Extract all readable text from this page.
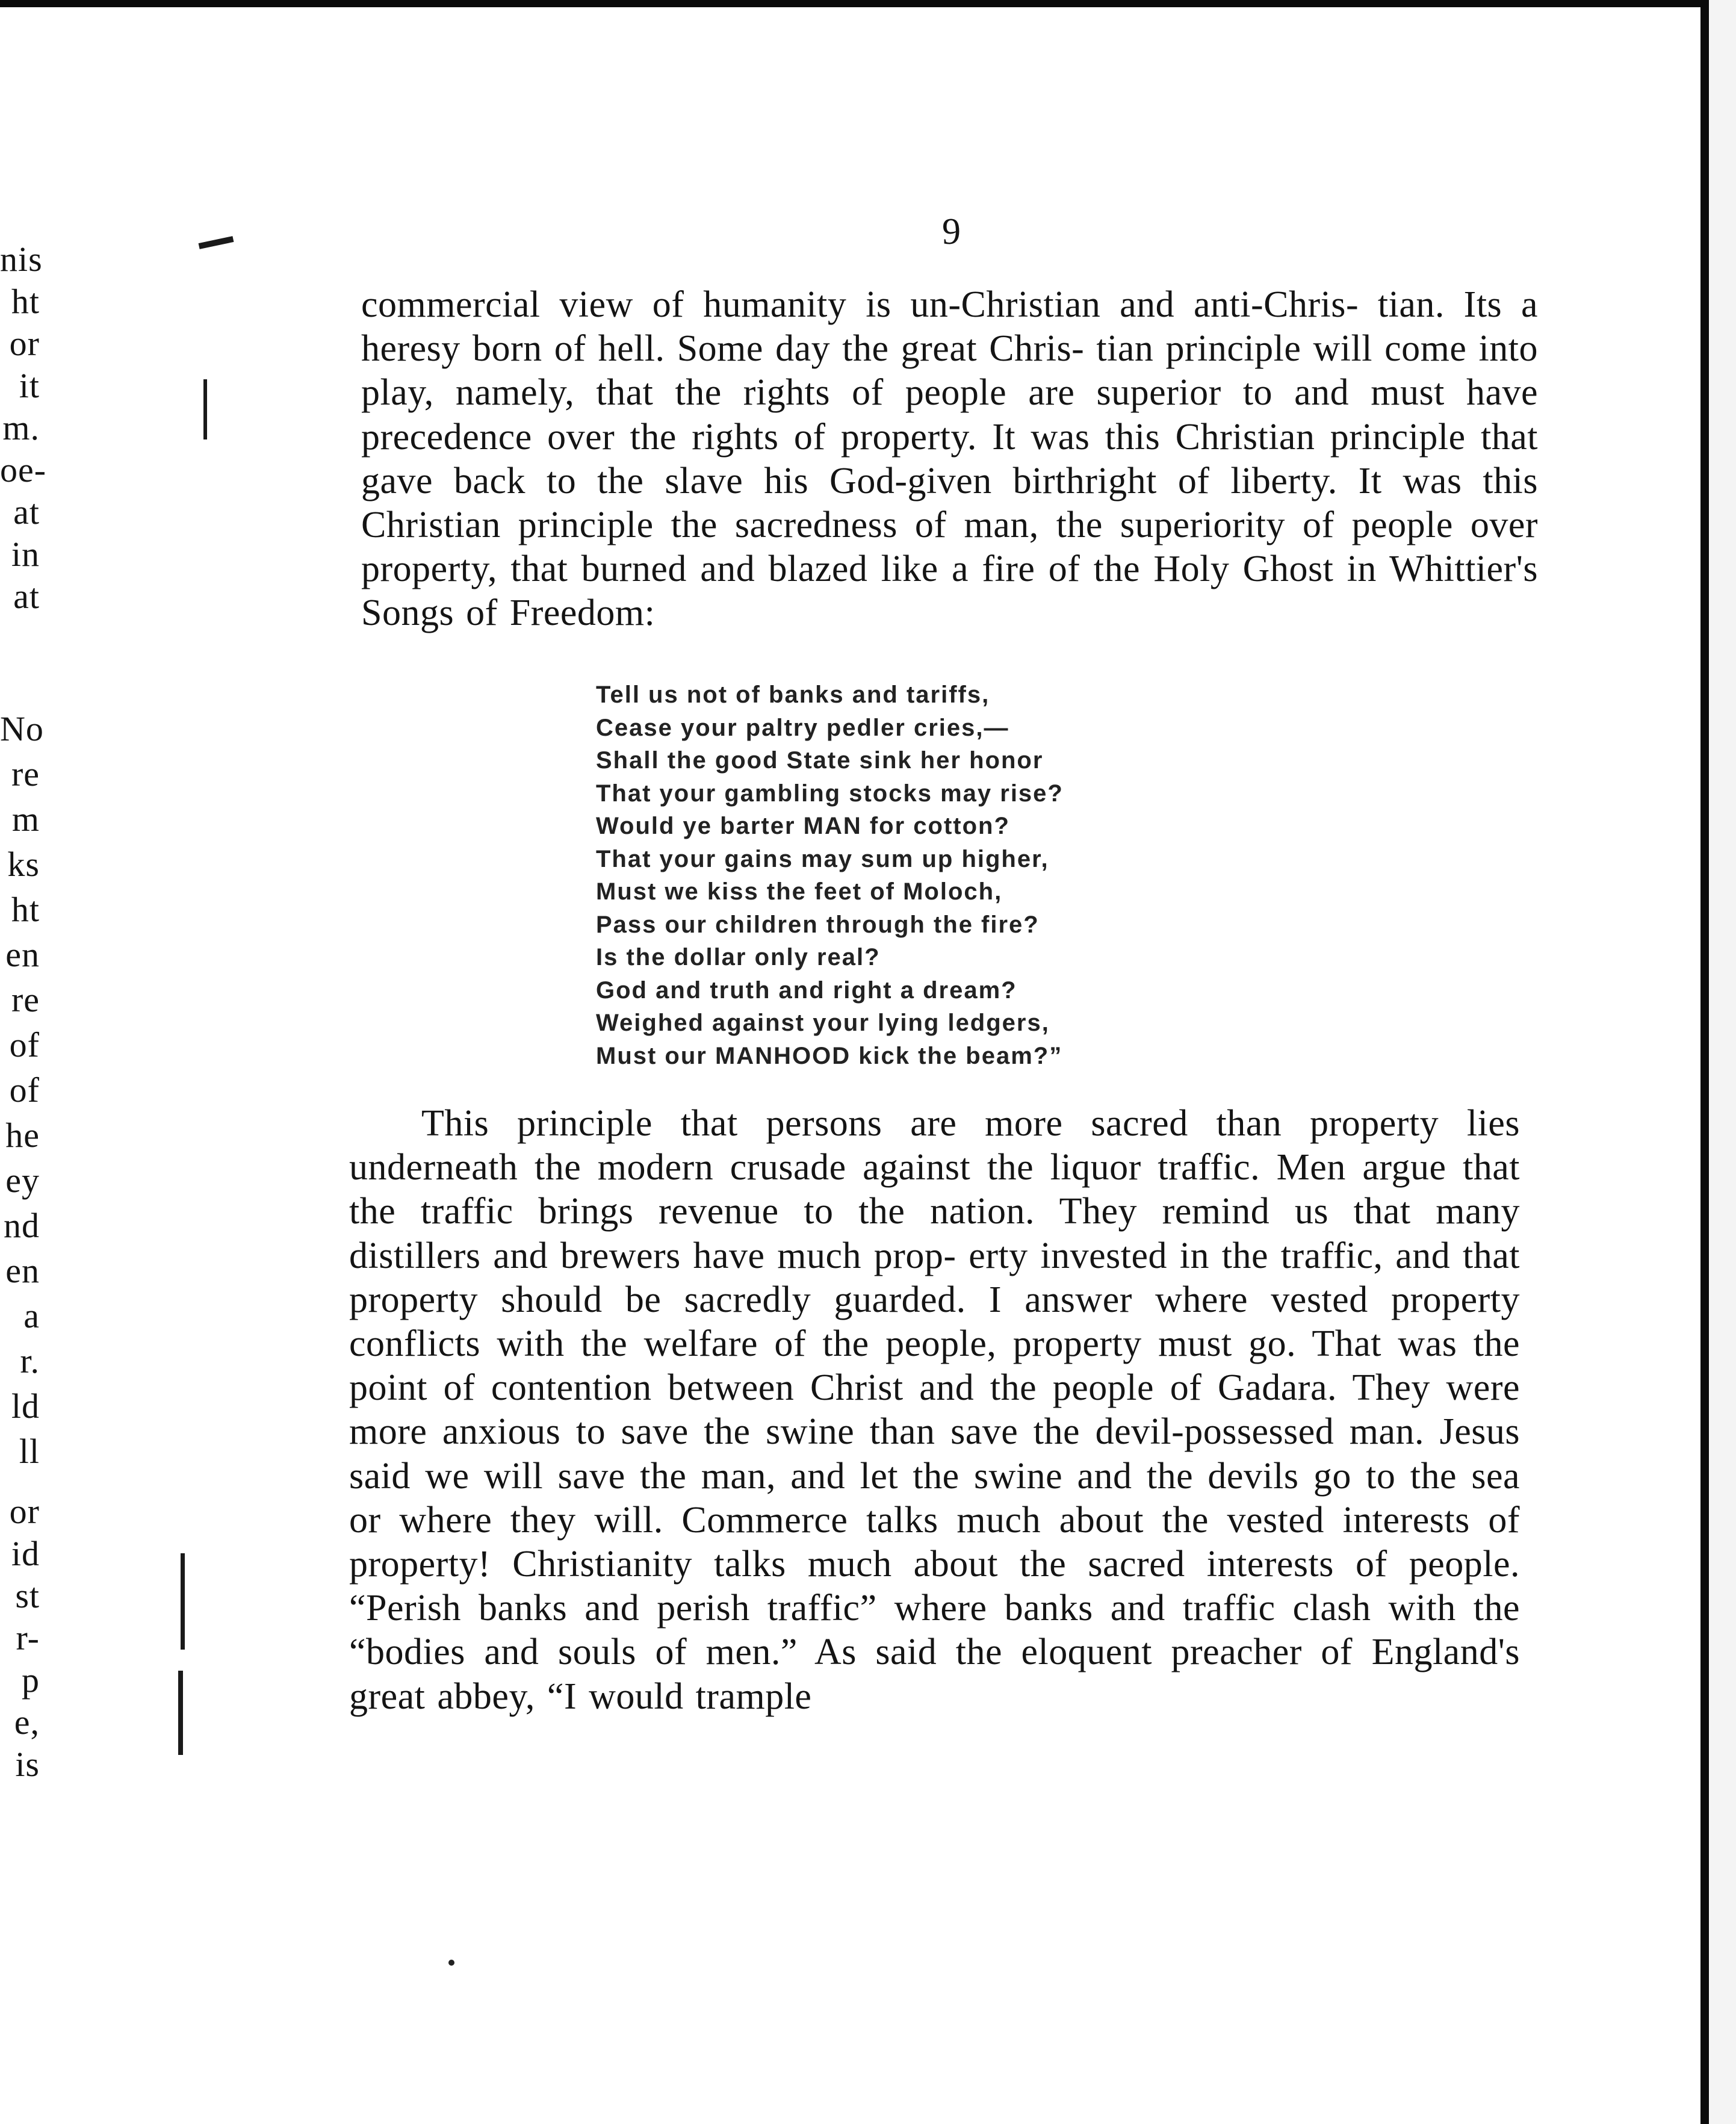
nis
ht
or
it
m.
oe-
at
in
at
No
re
m
ks
ht
en
re
of
of
he
ey
nd
en
a
r.
ld
ll
or
id
st
r-
p
e,
is
9
commercial view of humanity is un-Christian and anti-Chris- tian. Its a heresy born of hell. Some day the great Chris- tian principle will come into play, namely, that the rights of people are superior to and must have precedence over the rights of property. It was this Christian principle that gave back to the slave his God-given birthright of liberty. It was this Christian principle the sacredness of man, the superiority of people over property, that burned and blazed like a fire of the Holy Ghost in Whittier's Songs of Freedom:
Tell us not of banks and tariffs,
Cease your paltry pedler cries,—
Shall the good State sink her honor
That your gambling stocks may rise?
Would ye barter MAN for cotton?
That your gains may sum up higher,
Must we kiss the feet of Moloch,
Pass our children through the fire?
Is the dollar only real?
God and truth and right a dream?
Weighed against your lying ledgers,
Must our MANHOOD kick the beam?”
This principle that persons are more sacred than property lies underneath the modern crusade against the liquor traffic. Men argue that the traffic brings revenue to the nation. They remind us that many distillers and brewers have much prop- erty invested in the traffic, and that property should be sacredly guarded. I answer where vested property conflicts with the welfare of the people, property must go. That was the point of contention between Christ and the people of Gadara. They were more anxious to save the swine than save the devil-possessed man. Jesus said we will save the man, and let the swine and the devils go to the sea or where they will. Commerce talks much about the vested interests of property! Christianity talks much about the sacred interests of people. “Perish banks and perish traffic” where banks and traffic clash with the “bodies and souls of men.” As said the eloquent preacher of England's great abbey, “I would trample
